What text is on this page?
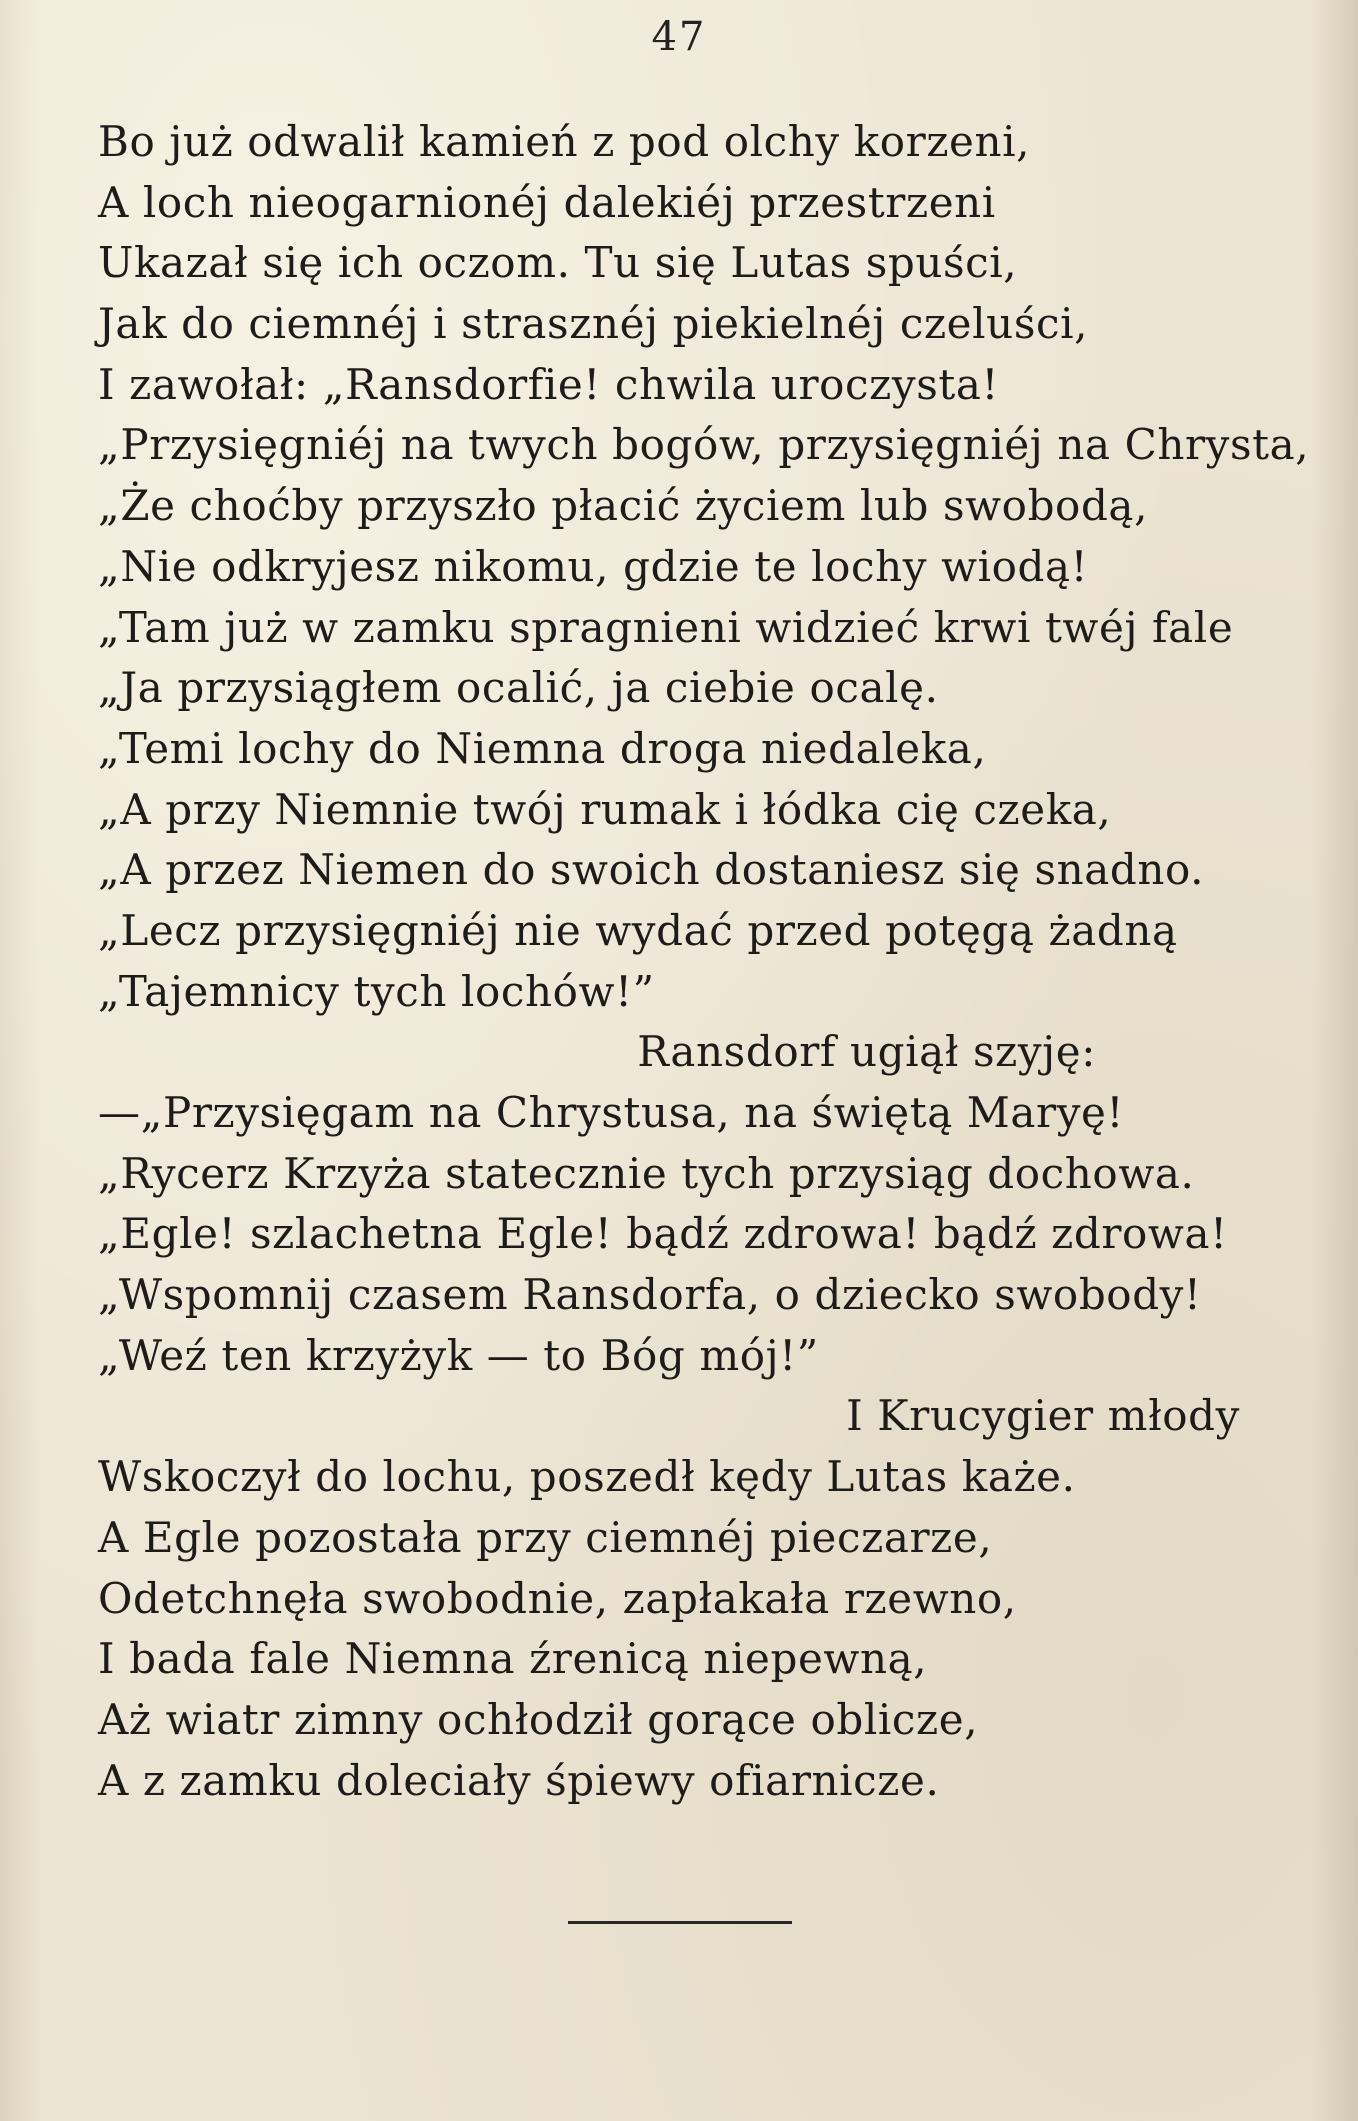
47
Bo już odwalił kamień z pod olchy korzeni,
A loch nieogarnionéj dalekiéj przestrzeni
Ukazał się ich oczom. Tu się Lutas spuści,
Jak do ciemnéj i strasznéj piekielnéj czeluści,
I zawołał: „Ransdorfie! chwila uroczysta!
„Przysięgniéj na twych bogów, przysięgniéj na Chrysta,
„Że choćby przyszło płacić życiem lub swobodą,
„Nie odkryjesz nikomu, gdzie te lochy wiodą!
„Tam już w zamku spragnieni widzieć krwi twéj fale
„Ja przysiągłem ocalić, ja ciebie ocalę.
„Temi lochy do Niemna droga niedaleka,
„A przy Niemnie twój rumak i łódka cię czeka,
„A przez Niemen do swoich dostaniesz się snadno.
„Lecz przysięgniéj nie wydać przed potęgą żadną
„Tajemnicy tych lochów!”
Ransdorf ugiął szyję:
—„Przysięgam na Chrystusa, na świętą Maryę!
„Rycerz Krzyża statecznie tych przysiąg dochowa.
„Egle! szlachetna Egle! bądź zdrowa! bądź zdrowa!
„Wspomnij czasem Ransdorfa, o dziecko swobody!
„Weź ten krzyżyk — to Bóg mój!”
I Krucygier młody
Wskoczył do lochu, poszedł kędy Lutas każe.
A Egle pozostała przy ciemnéj pieczarze,
Odetchnęła swobodnie, zapłakała rzewno,
I bada fale Niemna źrenicą niepewną,
Aż wiatr zimny ochłodził gorące oblicze,
A z zamku doleciały śpiewy ofiarnicze.
